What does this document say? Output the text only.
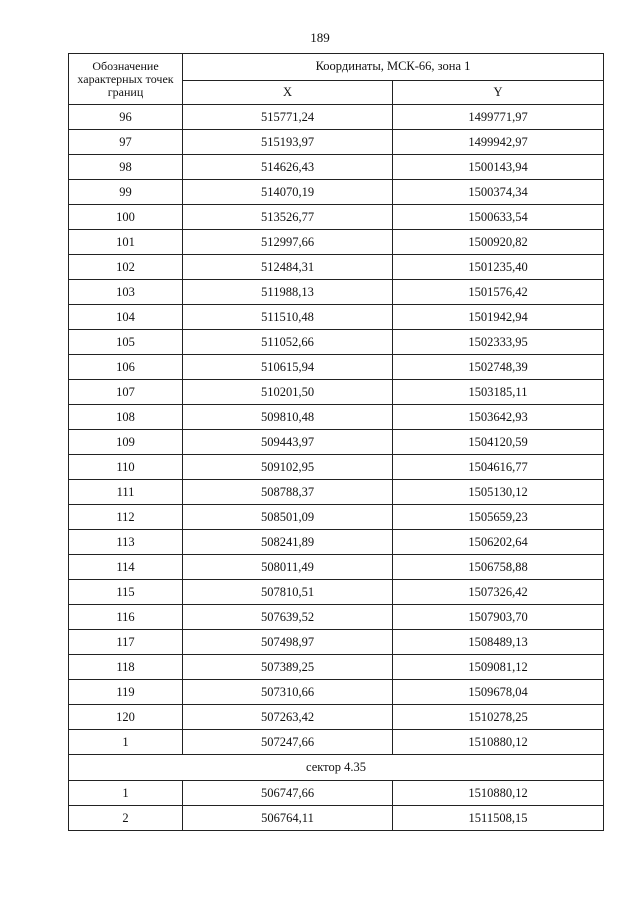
189
Обозначение характерных точек границ	Координаты, МСК-66, зона 1	
	X	Y
96	515771,24	1499771,97
97	515193,97	1499942,97
98	514626,43	1500143,94
99	514070,19	1500374,34
100	513526,77	1500633,54
101	512997,66	1500920,82
102	512484,31	1501235,40
103	511988,13	1501576,42
104	511510,48	1501942,94
105	511052,66	1502333,95
106	510615,94	1502748,39
107	510201,50	1503185,11
108	509810,48	1503642,93
109	509443,97	1504120,59
110	509102,95	1504616,77
111	508788,37	1505130,12
112	508501,09	1505659,23
113	508241,89	1506202,64
114	508011,49	1506758,88
115	507810,51	1507326,42
116	507639,52	1507903,70
117	507498,97	1508489,13
118	507389,25	1509081,12
119	507310,66	1509678,04
120	507263,42	1510278,25
1	507247,66	1510880,12
сектор 4.35		
1	506747,66	1510880,12
2	506764,11	1511508,15
